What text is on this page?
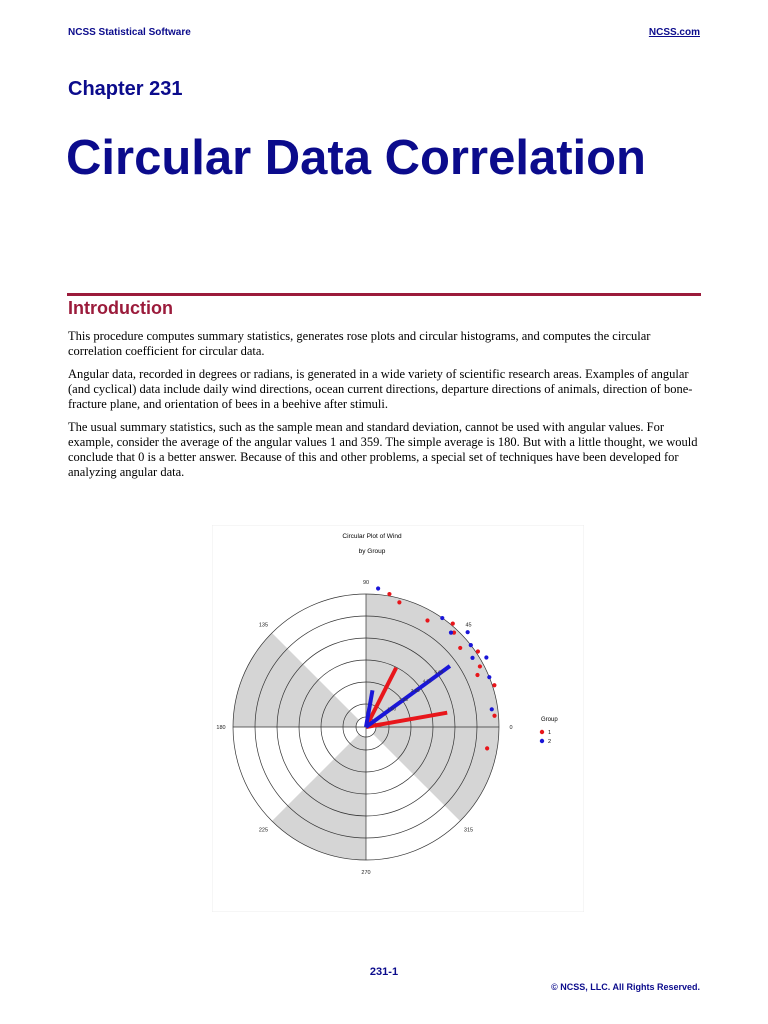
NCSS Statistical Software	NCSS.com
Chapter 231
Circular Data Correlation
Introduction

This procedure computes summary statistics, generates rose plots and circular histograms, and computes the circular correlation coefficient for circular data.

Angular data, recorded in degrees or radians, is generated in a wide variety of scientific research areas. Examples of angular (and cyclical) data include daily wind directions, ocean current directions, departure directions of animals, direction of bone-fracture plane, and orientation of bees in a beehive after stimuli.

The usual summary statistics, such as the sample mean and standard deviation, cannot be used with angular values. For example, consider the average of the angular values 1 and 359. The simple average is 180. But with a little thought, we would conclude that 0 is a better answer. Because of this and other problems, a special set of techniques have been developed for analyzing angular data.

Circular Plot of Wind
by Group
0
45
90
135
180
225
270
315
1.00
2.25
3.50
4.75
6.00
Group
1
2
231-1
© NCSS, LLC. All Rights Reserved.
